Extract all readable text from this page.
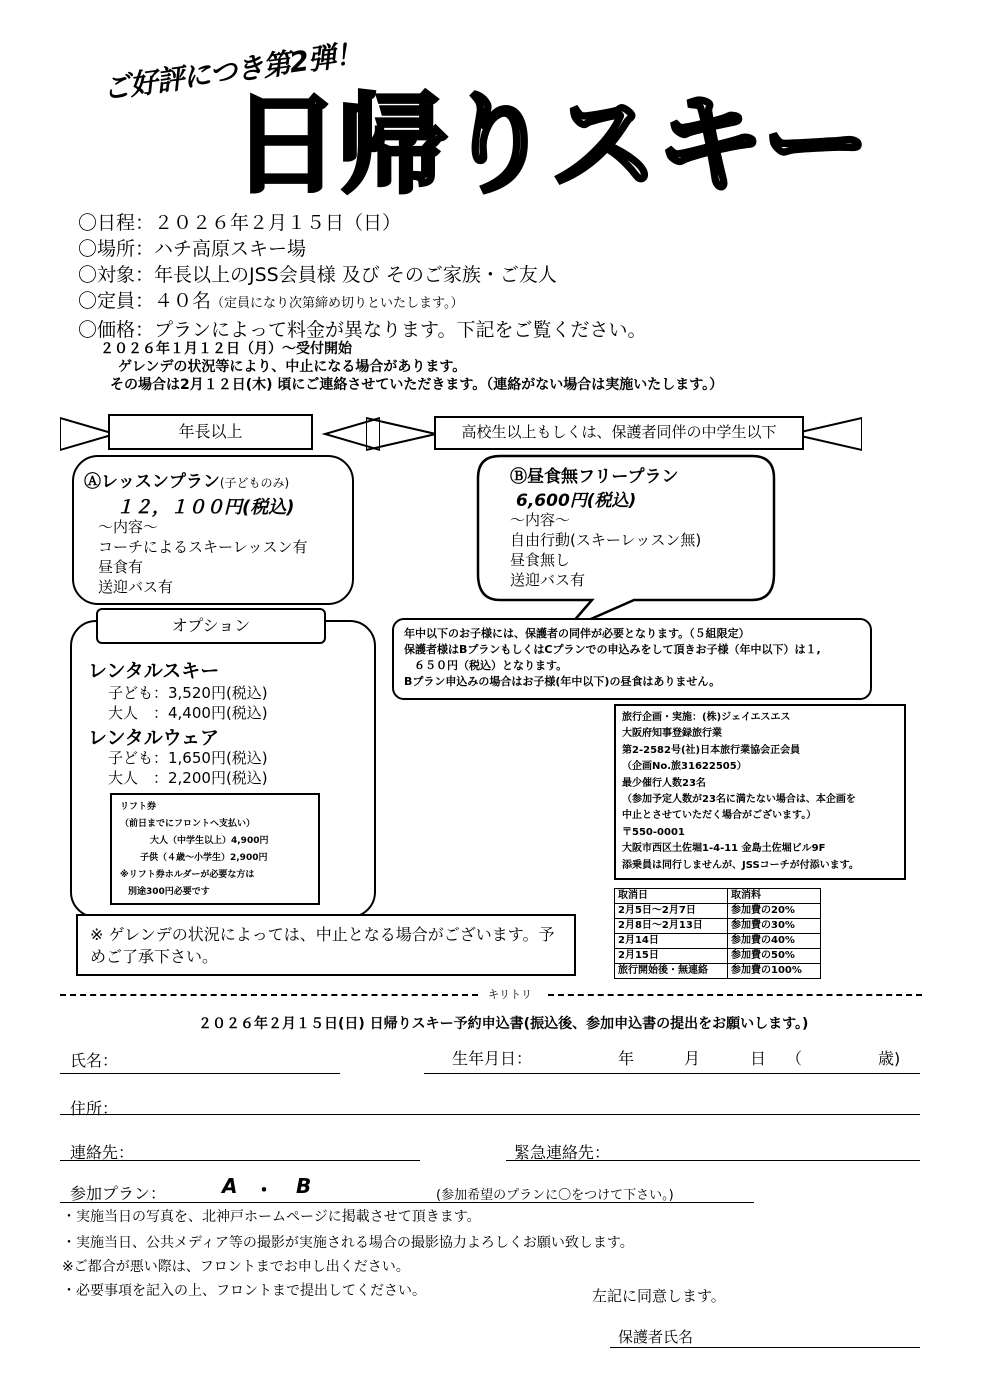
ご好評につき第2弾！
日帰りスキー
〇日程：２０２６年２月１５日（日）
〇場所：ハチ高原スキー場
〇対象：年長以上のJSS会員様 及び そのご家族・ご友人
〇定員：４０名（定員になり次第締め切りといたします。）
〇価格：プランによって料金が異なります。下記をご覧ください。
２０２６年１月１２日（月）～受付開始
ゲレンデの状況等により、中止になる場合があります。
その場合は2月１２日(木) 頃にご連絡させていただきます。（連絡がない場合は実施いたします。）
年長以上	高校生以上もしくは、保護者同伴の中学生以下
Ⓐレッスンプラン(子どものみ)
１２，１００円(税込)
～内容～
コーチによるスキーレッスン有
昼食有
送迎バス有
Ⓑ昼食無フリープラン
6,600円(税込)
～内容～
自由行動(スキーレッスン無)
昼食無し
送迎バス有
年中以下のお子様には、保護者の同伴が必要となります。（５組限定）
保護者様はBプランもしくはCプランでの申込みをして頂きお子様（年中以下）は１,
６５０円（税込）となります。
Bプラン申込みの場合はお子様(年中以下)の昼食はありません。
レンタルスキー
子ども：3,520円(税込)
大人　：4,400円(税込)
レンタルウェア
子ども：1,650円(税込)
大人　：2,200円(税込)
オプション
リフト券
（前日までにフロントへ支払い）
大人（中学生以上）4,900円
子供（４歳～小学生）2,900円
※リフト券ホルダーが必要な方は
別途300円必要です
旅行企画・実施：(株)ジェイエスエス
大阪府知事登録旅行業
第2-2582号(社)日本旅行業協会正会員
（企画No.旅31622505）
最少催行人数23名
（参加予定人数が23名に満たない場合は、本企画を
中止とさせていただく場合がございます。）
〒550-0001
大阪市西区土佐堀1-4-11 金島土佐堀ビル9F
添乗員は同行しませんが、JSSコーチが付添います。
取消日	取消料
2月5日～2月7日	参加費の20%
2月8日～2月13日	参加費の30%
2月14日	参加費の40%
2月15日	参加費の50%
旅行開始後・無連絡	参加費の100%
※ ゲレンデの状況によっては、中止となる場合がございます。予
めご了承下さい。
キリトリ
２０２６年２月１５日(日) 日帰りスキー予約申込書(振込後、参加申込書の提出をお願いします。)
氏名：	生年月日：	年	月	日 （	歳)
住所：
連絡先：	緊急連絡先：
参加プラン：	A ・ B	(参加希望のプランに〇をつけて下さい。)
・実施当日の写真を、北神戸ホームページに掲載させて頂きます。
・実施当日、公共メディア等の撮影が実施される場合の撮影協力よろしくお願い致します。
※ご都合が悪い際は、フロントまでお申し出ください。
・必要事項を記入の上、フロントまで提出してください。	左記に同意します。
保護者氏名
